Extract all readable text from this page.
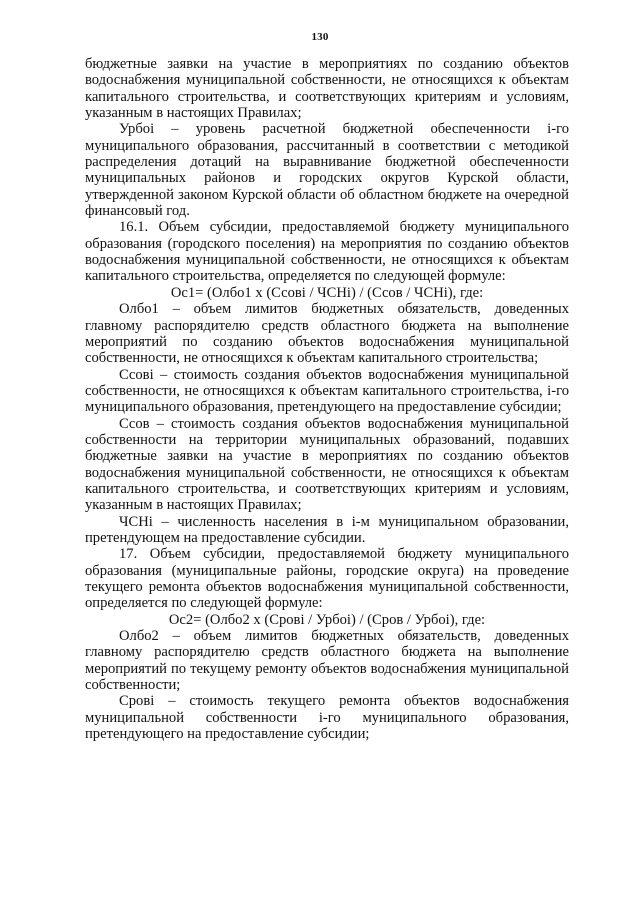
130

бюджетные заявки на участие в мероприятиях по созданию объектов водоснабжения муниципальной собственности, не относящихся к объектам капитального строительства, и соответствующих критериям и условиям, указанным в настоящих Правилах;

Урбоi – уровень расчетной бюджетной обеспеченности i-го муниципального образования, рассчитанный в соответствии с методикой распределения дотаций на выравнивание бюджетной обеспеченности муниципальных районов и городских округов Курской области, утвержденной законом Курской области об областном бюджете на очередной финансовый год.

16.1. Объем субсидии, предоставляемой бюджету муниципального образования (городского поселения) на мероприятия по созданию объектов водоснабжения муниципальной собственности, не относящихся к объектам капитального строительства, определяется по следующей формуле:

Ос1= (Олбо1 х (Ссовi / ЧСНi) / (Ссов / ЧСНi), где:

Олбо1 – объем лимитов бюджетных обязательств, доведенных главному распорядителю средств областного бюджета на выполнение мероприятий по созданию объектов водоснабжения муниципальной собственности, не относящихся к объектам капитального строительства;

Ссовi – стоимость создания объектов водоснабжения муниципальной собственности, не относящихся к объектам капитального строительства, i-го муниципального образования, претендующего на предоставление субсидии;

Ссов – стоимость создания объектов водоснабжения муниципальной собственности на территории муниципальных образований, подавших бюджетные заявки на участие в мероприятиях по созданию объектов водоснабжения муниципальной собственности, не относящихся к объектам капитального строительства, и соответствующих критериям и условиям, указанным в настоящих Правилах;

ЧСНi – численность населения в i-м муниципальном образовании, претендующем на предоставление субсидии.

17. Объем субсидии, предоставляемой бюджету муниципального образования (муниципальные районы, городские округа) на проведение текущего ремонта объектов водоснабжения муниципальной собственности, определяется по следующей формуле:

Ос2= (Олбо2 х (Сровi / Урбоi) / (Сров / Урбоi), где:

Олбо2 – объем лимитов бюджетных обязательств, доведенных главному распорядителю средств областного бюджета на выполнение мероприятий по текущему ремонту объектов водоснабжения муниципальной собственности;

Сровi – стоимость текущего ремонта объектов водоснабжения муниципальной собственности i-го муниципального образования, претендующего на предоставление субсидии;
